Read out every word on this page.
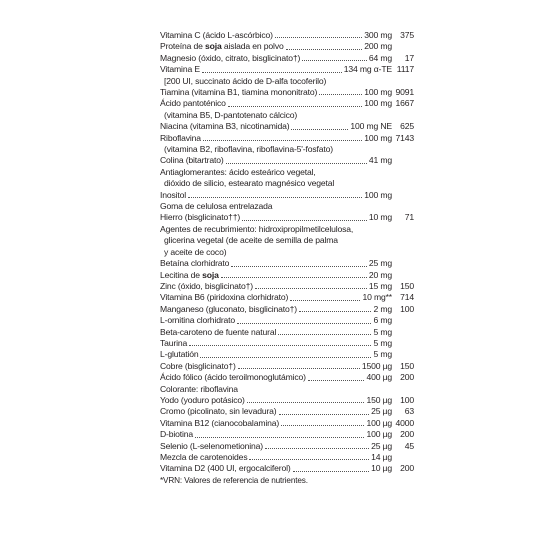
Vitamina C (ácido L-ascórbico)	300 mg 375
Proteína de soja aislada en polvo	200 mg
Magnesio (óxido, citrato, bisglicinato†)	64 mg	17
Vitamina E	134 mg α-TE 1117
[200 UI, succinato ácido de D-alfa tocoferilo)
Tiamina (vitamina B1, tiamina mononitrato)	100 mg 9091
Ácido pantoténico	100 mg 1667
(vitamina B5, D-pantotenato cálcico)
Niacina (vitamina B3, nicotinamida)	100 mg NE 625
Riboflavina	100 mg 7143
(vitamina B2, riboflavina, riboflavina-5'-fosfato)
Colina (bitartrato)	41 mg
Antiaglomerantes: ácido esteárico vegetal,
dióxido de silicio, estearato magnésico vegetal
Inositol	100 mg
Goma de celulosa entrelazada
Hierro (bisglicinato††)	10 mg	71
Agentes de recubrimiento: hidroxipropilmetilcelulosa,
glicerina vegetal (de aceite de semilla de palma
y aceite de coco)
Betaína clorhidrato	25 mg
Lecitina de soja	20 mg
Zinc (óxido, bisglicinato†)	15 mg 150
Vitamina B6 (piridoxina clorhidrato)	10 mg** 714
Manganeso (gluconato, bisglicinato†)	2 mg 100
L-ornitina clorhidrato	6 mg
Beta-caroteno de fuente natural	5 mg
Taurina	5 mg
L-glutatión	5 mg
Cobre (bisglicinato†)	1500 µg 150
Ácido fólico (ácido teroilmonoglutámico)	400 µg 200
Colorante: riboflavina
Yodo (yoduro potásico)	150 µg 100
Cromo (picolinato, sin levadura)	25 µg	63
Vitamina B12 (cianocobalamina)	100 µg 4000
D-biotina	100 µg 200
Selenio (L-selenometionina)	25 µg	45
Mezcla de carotenoides	14 µg
Vitamina D2 (400 UI, ergocalciferol)	10 µg 200
*VRN: Valores de referencia de nutrientes.
